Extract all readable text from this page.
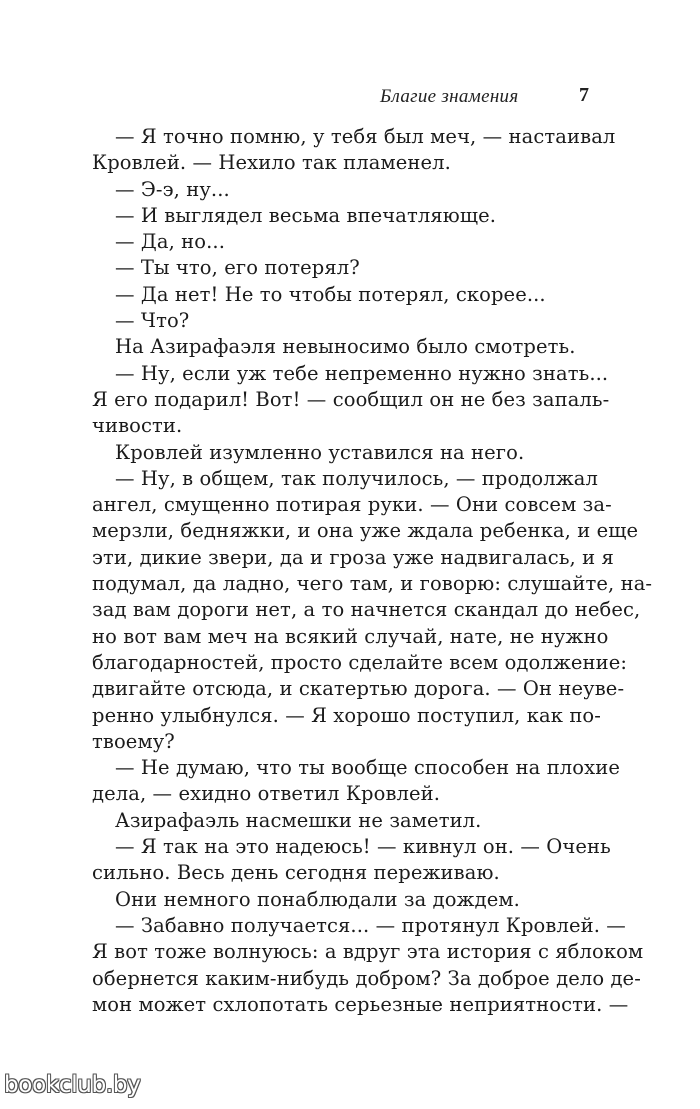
Благие знамения	7
— Я точно помню, у тебя был меч, — настаивал
Кровлей. — Нехило так пламенел.
— Э-э, ну...
— И выглядел весьма впечатляюще.
— Да, но...
— Ты что, его потерял?
— Да нет! Не то чтобы потерял, скорее...
— Что?
На Азирафаэля невыносимо было смотреть.
— Ну, если уж тебе непременно нужно знать...
Я его подарил! Вот! — сообщил он не без запаль-
чивости.
Кровлей изумленно уставился на него.
— Ну, в общем, так получилось, — продолжал
ангел, смущенно потирая руки. — Они совсем за-
мерзли, бедняжки, и она уже ждала ребенка, и еще
эти, дикие звери, да и гроза уже надвигалась, и я
подумал, да ладно, чего там, и говорю: слушайте, на-
зад вам дороги нет, а то начнется скандал до небес,
но вот вам меч на всякий случай, нате, не нужно
благодарностей, просто сделайте всем одолжение:
двигайте отсюда, и скатертью дорога. — Он неуве-
ренно улыбнулся. — Я хорошо поступил, как по-
твоему?
— Не думаю, что ты вообще способен на плохие
дела, — ехидно ответил Кровлей.
Азирафаэль насмешки не заметил.
— Я так на это надеюсь! — кивнул он. — Очень
сильно. Весь день сегодня переживаю.
Они немного понаблюдали за дождем.
— Забавно получается... — протянул Кровлей. —
Я вот тоже волнуюсь: а вдруг эта история с яблоком
обернется каким-нибудь добром? За доброе дело де-
мон может схлопотать серьезные неприятности. —
bookclub.by
